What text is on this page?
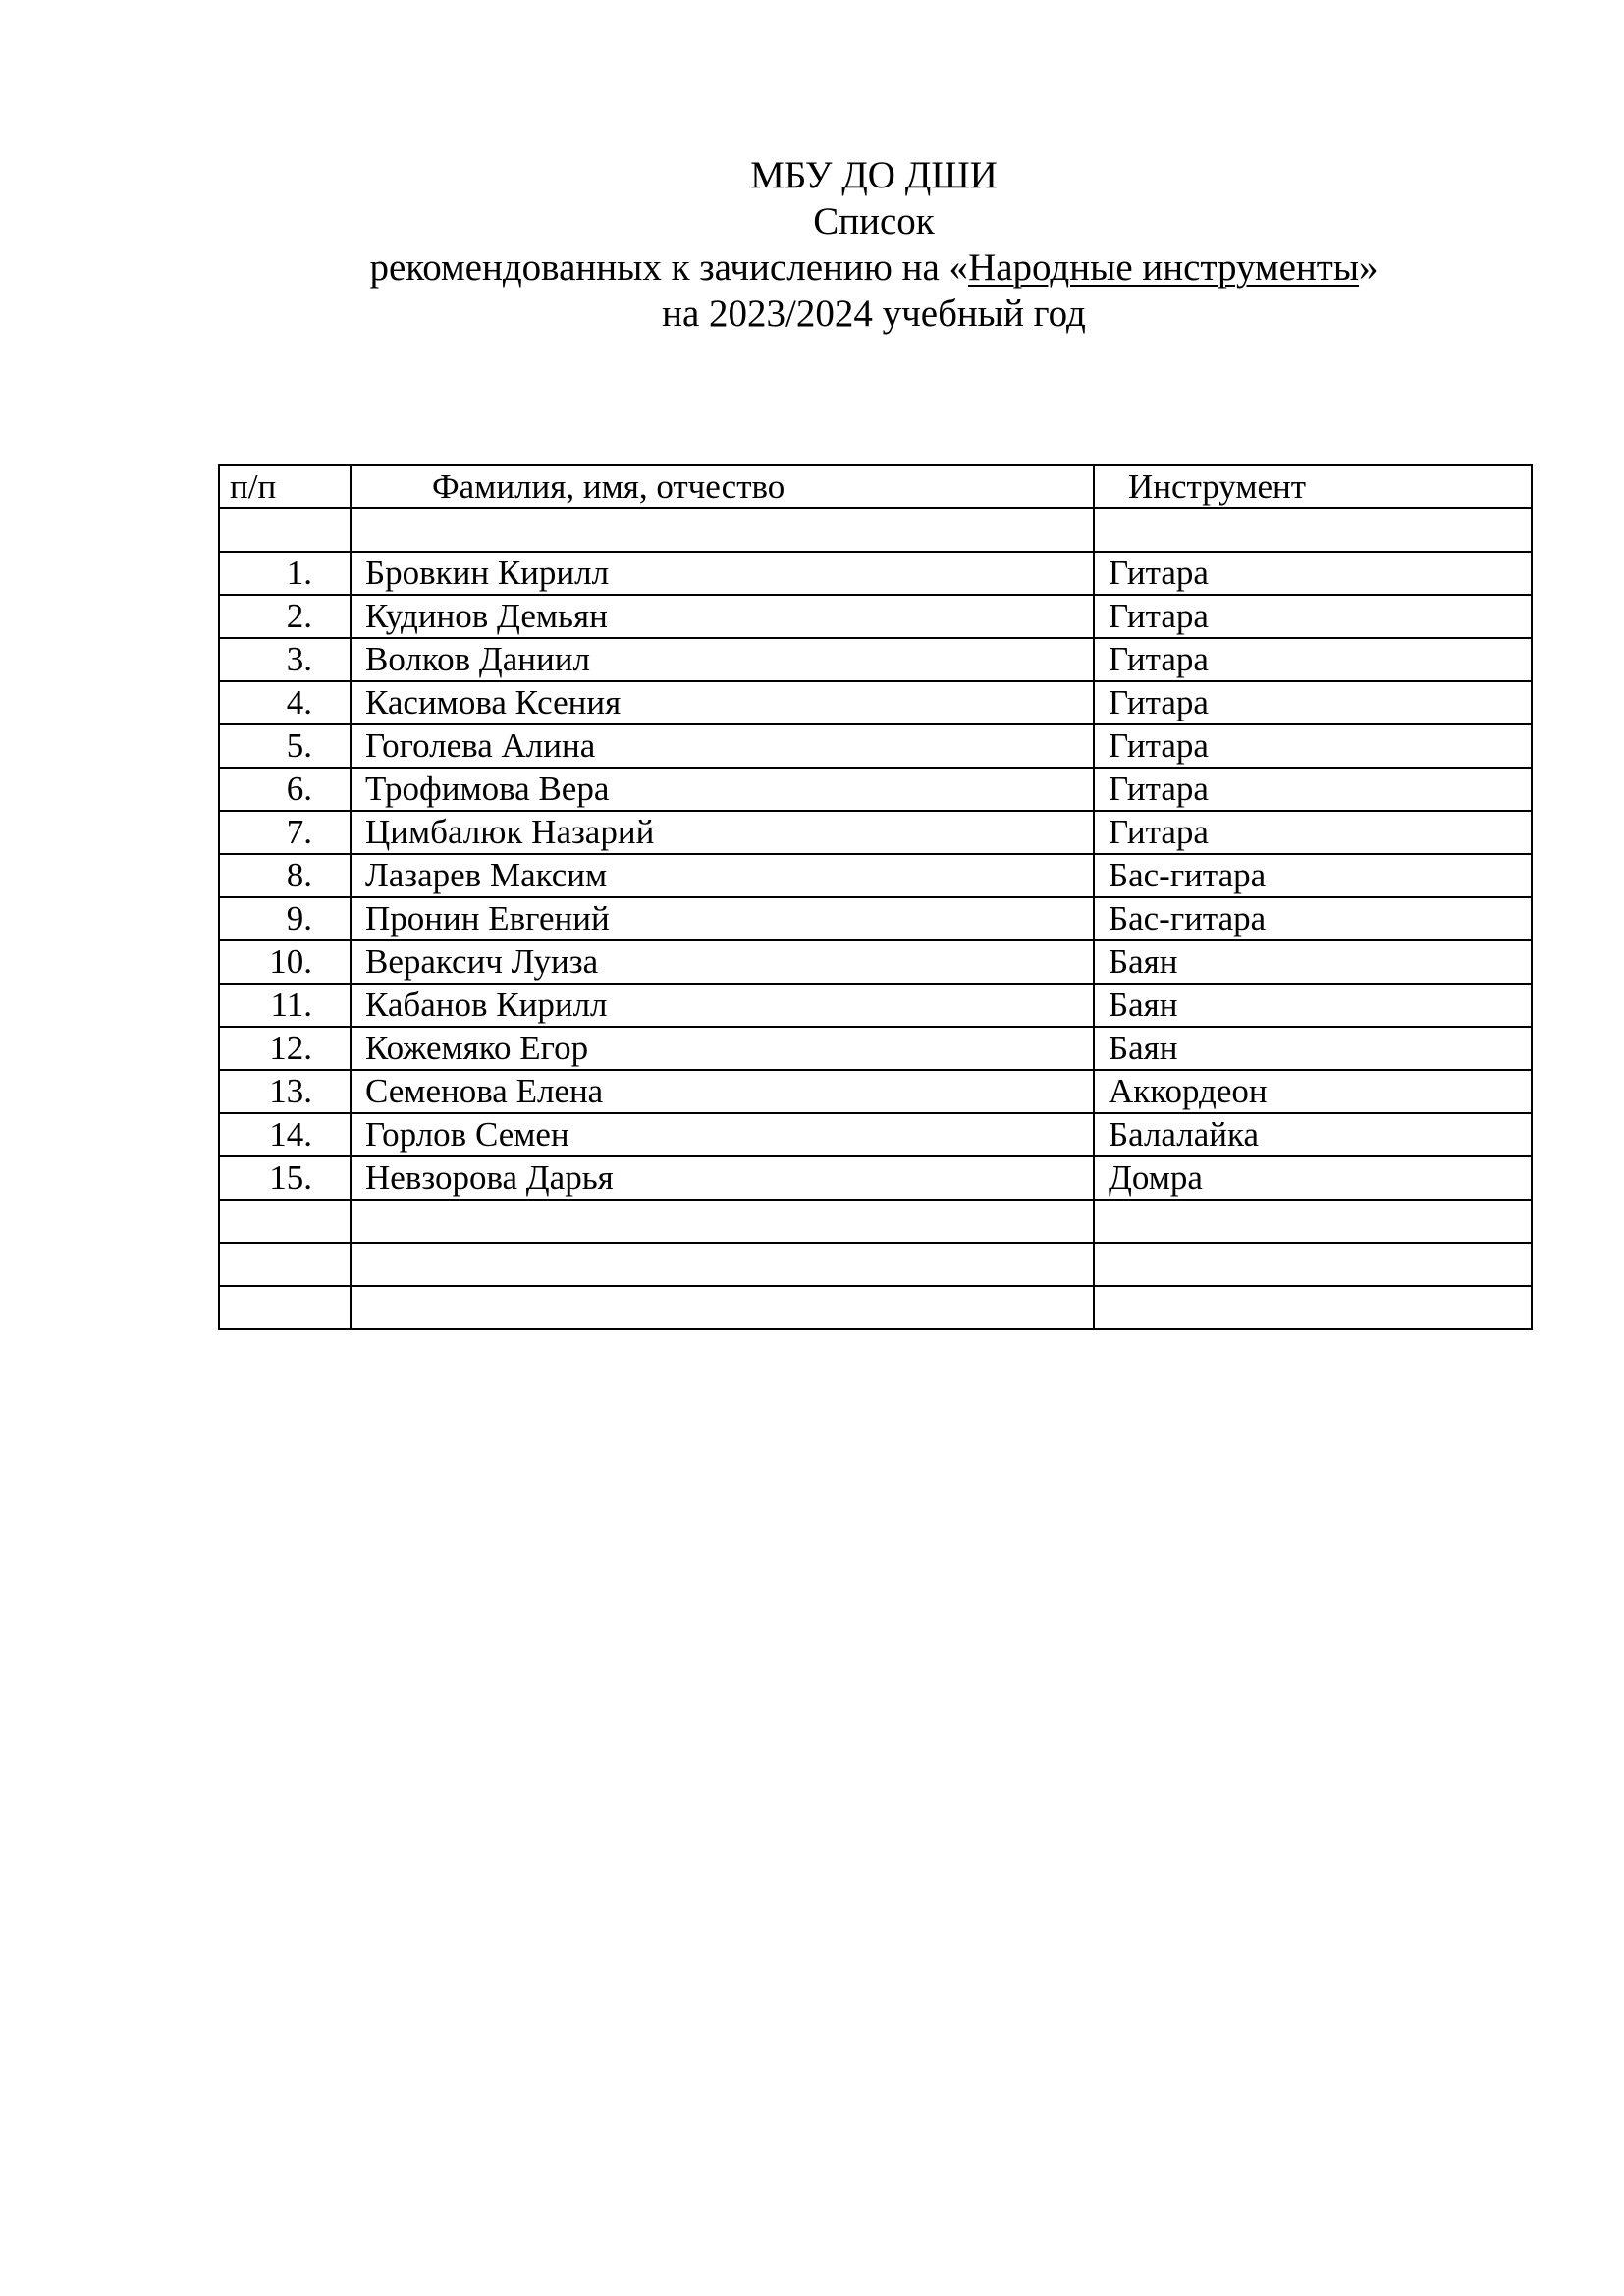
МБУ ДО ДШИ
Список
рекомендованных к зачислению на «Народные инструменты»
на 2023/2024 учебный год
п/п	Фамилия, имя, отчество	Инструмент

1.	Бровкин Кирилл	Гитара
2.	Кудинов Демьян	Гитара
3.	Волков Даниил	Гитара
4.	Касимова Ксения	Гитара
5.	Гоголева Алина	Гитара
6.	Трофимова Вера	Гитара
7.	Цимбалюк Назарий	Гитара
8.	Лазарев Максим	Бас-гитара
9.	Пронин Евгений	Бас-гитара
10.	Вераксич Луиза	Баян
11.	Кабанов Кирилл	Баян
12.	Кожемяко Егор	Баян
13.	Семенова Елена	Аккордеон
14.	Горлов Семен	Балалайка
15.	Невзорова Дарья	Домра
